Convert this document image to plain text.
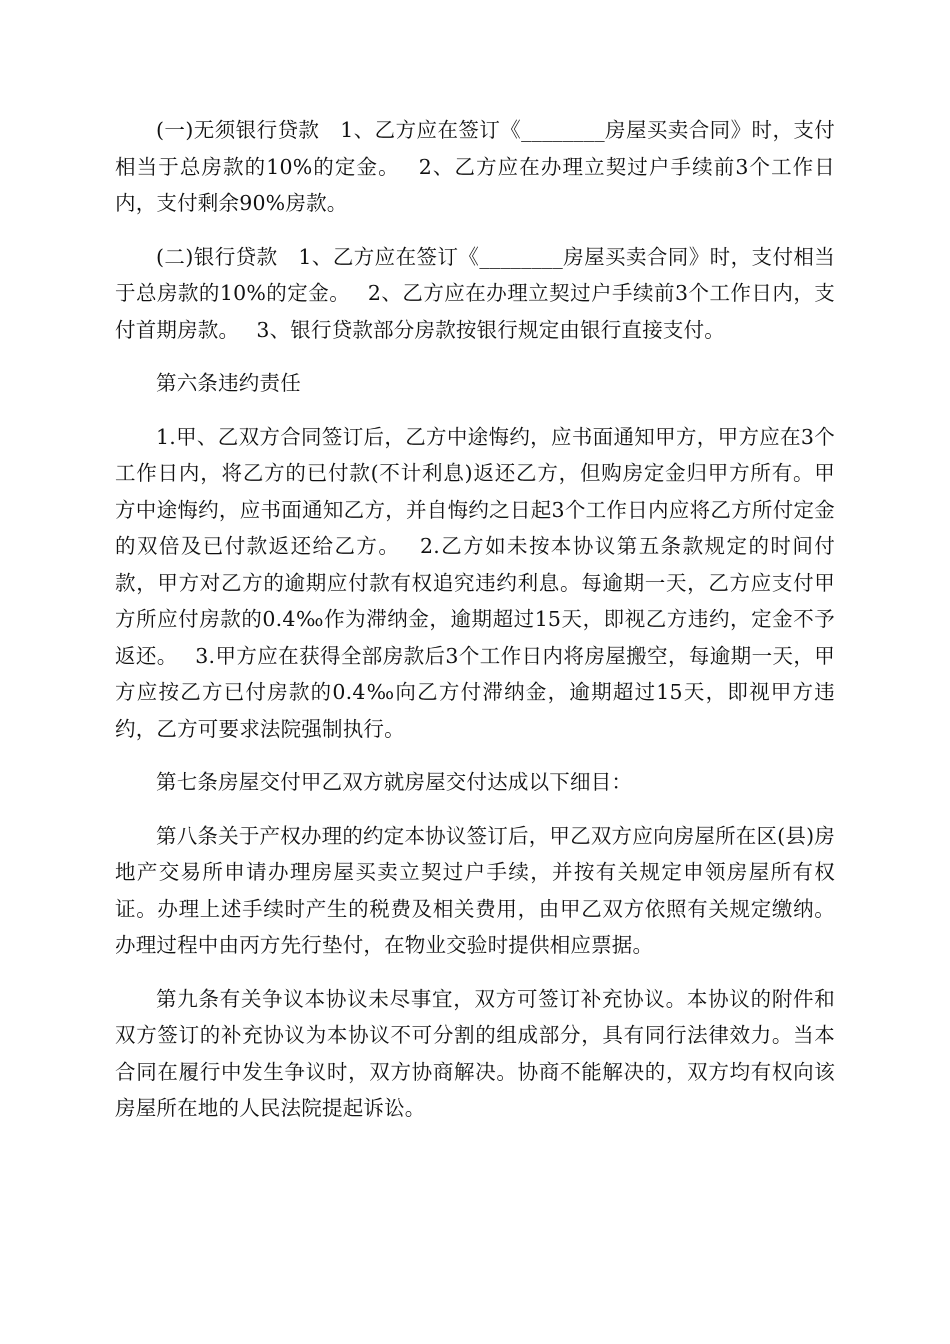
(一)无须银行贷款　1、乙方应在签订《________房屋买卖合同》时，支付相当于总房款的10%的定金。　 2、乙方应在办理立契过户手续前3个工作日内，支付剩余90%房款。

(二)银行贷款　1、乙方应在签订《________房屋买卖合同》时，支付相当于总房款的10%的定金。　 2、乙方应在办理立契过户手续前3个工作日内，支付首期房款。　 3、银行贷款部分房款按银行规定由银行直接支付。

第六条违约责任

1.甲、乙双方合同签订后，乙方中途悔约，应书面通知甲方，甲方应在3个工作日内，将乙方的已付款(不计利息)返还乙方，但购房定金归甲方所有。甲方中途悔约，应书面通知乙方，并自悔约之日起3个工作日内应将乙方所付定金的双倍及已付款返还给乙方。　 2.乙方如未按本协议第五条款规定的时间付款，甲方对乙方的逾期应付款有权追究违约利息。每逾期一天，乙方应支付甲方所应付房款的0.4‰作为滞纳金，逾期超过15天，即视乙方违约，定金不予返还。　 3.甲方应在获得全部房款后3个工作日内将房屋搬空，每逾期一天，甲方应按乙方已付房款的0.4‰向乙方付滞纳金，逾期超过15天，即视甲方违约，乙方可要求法院强制执行。

第七条房屋交付甲乙双方就房屋交付达成以下细目：

第八条关于产权办理的约定本协议签订后，甲乙双方应向房屋所在区(县)房地产交易所申请办理房屋买卖立契过户手续，并按有关规定申领房屋所有权证。办理上述手续时产生的税费及相关费用，由甲乙双方依照有关规定缴纳。办理过程中由丙方先行垫付，在物业交验时提供相应票据。

第九条有关争议本协议未尽事宜，双方可签订补充协议。本协议的附件和双方签订的补充协议为本协议不可分割的组成部分，具有同行法律效力。当本合同在履行中发生争议时，双方协商解决。协商不能解决的，双方均有权向该房屋所在地的人民法院提起诉讼。
